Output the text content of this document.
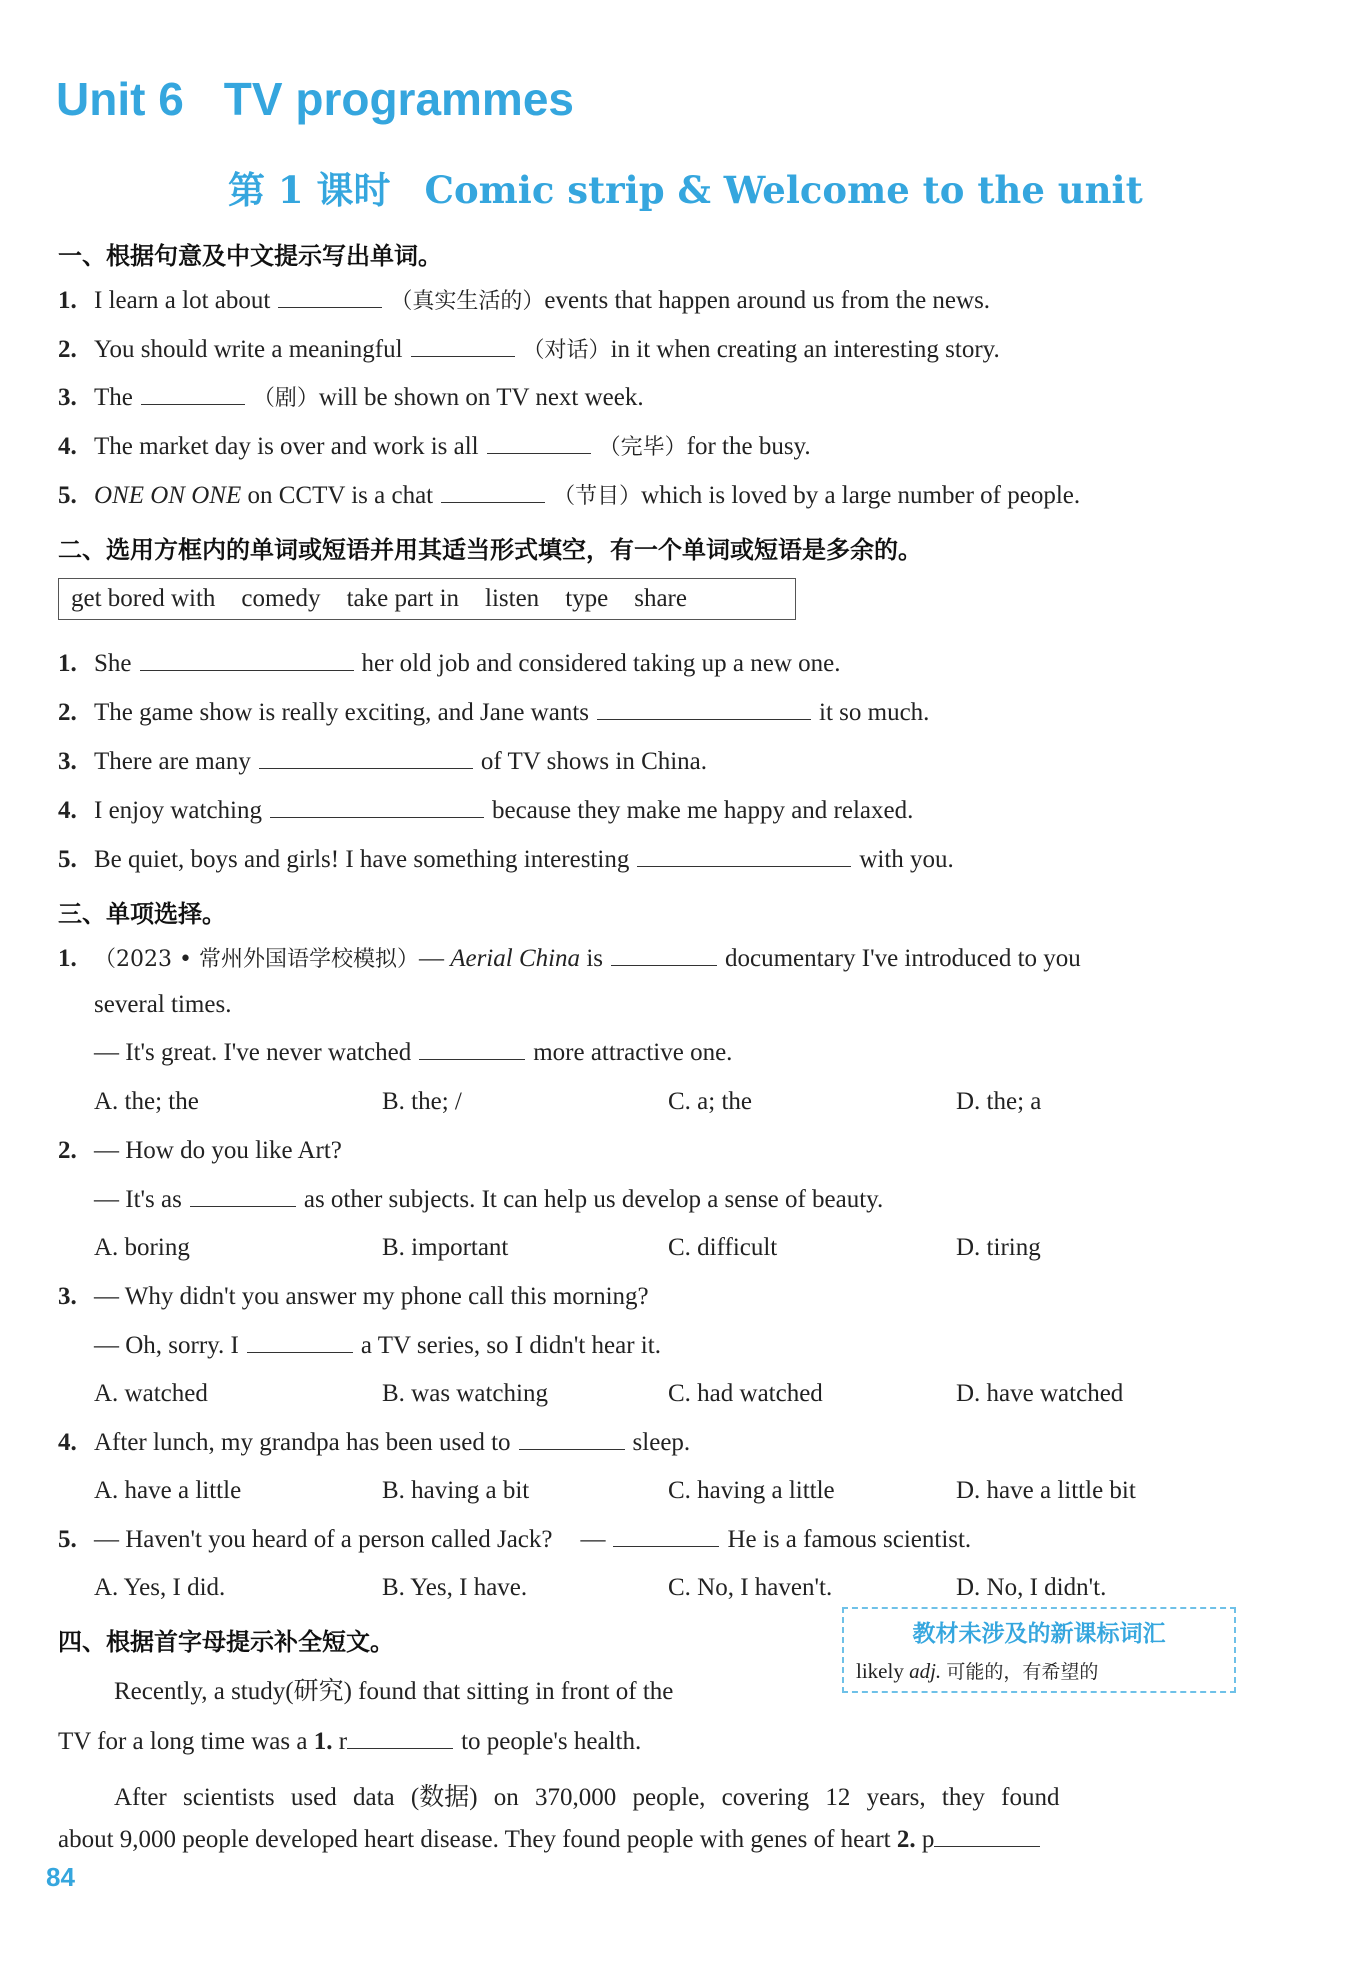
Unit 6 TV programmes
第 1 课时 Comic strip & Welcome to the unit
一、根据句意及中文提示写出单词。
1. I learn a lot about	（真实生活的）events that happen around us from the news.
2. You should write a meaningful	（对话）in it when creating an interesting story.
3. The	（剧）will be shown on TV next week.
4. The market day is over and work is all	（完毕）for the busy.
5. ONE ON ONE on CCTV is a chat	（节目）which is loved by a large number of people.
二、选用方框内的单词或短语并用其适当形式填空，有一个单词或短语是多余的。
get bored with comedy take part in listen type share
1. She	her old job and considered taking up a new one.
2. The game show is really exciting, and Jane wants	it so much.
3. There are many	of TV shows in China.
4. I enjoy watching	because they make me happy and relaxed.
5. Be quiet, boys and girls! I have something interesting	with you.
三、单项选择。
1. （2023 • 常州外国语学校模拟）— Aerial China is	documentary I've introduced to you
several times.
— It's great. I've never watched	more attractive one.
A. the; the	B. the; /	C. a; the	D. the; a
2. — How do you like Art?
— It's as	as other subjects. It can help us develop a sense of beauty.
A. boring	B. important	C. difficult	D. tiring
3. — Why didn't you answer my phone call this morning?
— Oh, sorry. I	a TV series, so I didn't hear it.
A. watched	B. was watching	C. had watched	D. have watched
4. After lunch, my grandpa has been used to	sleep.
A. have a little	B. having a bit	C. having a little	D. have a little bit
5. — Haven't you heard of a person called Jack? —	He is a famous scientist.
A. Yes, I did.	B. Yes, I have.	C. No, I haven't.	D. No, I didn't.
四、根据首字母提示补全短文。	教材未涉及的新课标词汇
likely adj. 可能的，有希望的
Recently, a study(研究) found that sitting in front of the
TV for a long time was a 1. r	to people's health.
After scientists used data (数据) on 370,000 people, covering 12 years, they found
about 9,000 people developed heart disease. They found people with genes of heart 2. p
84
